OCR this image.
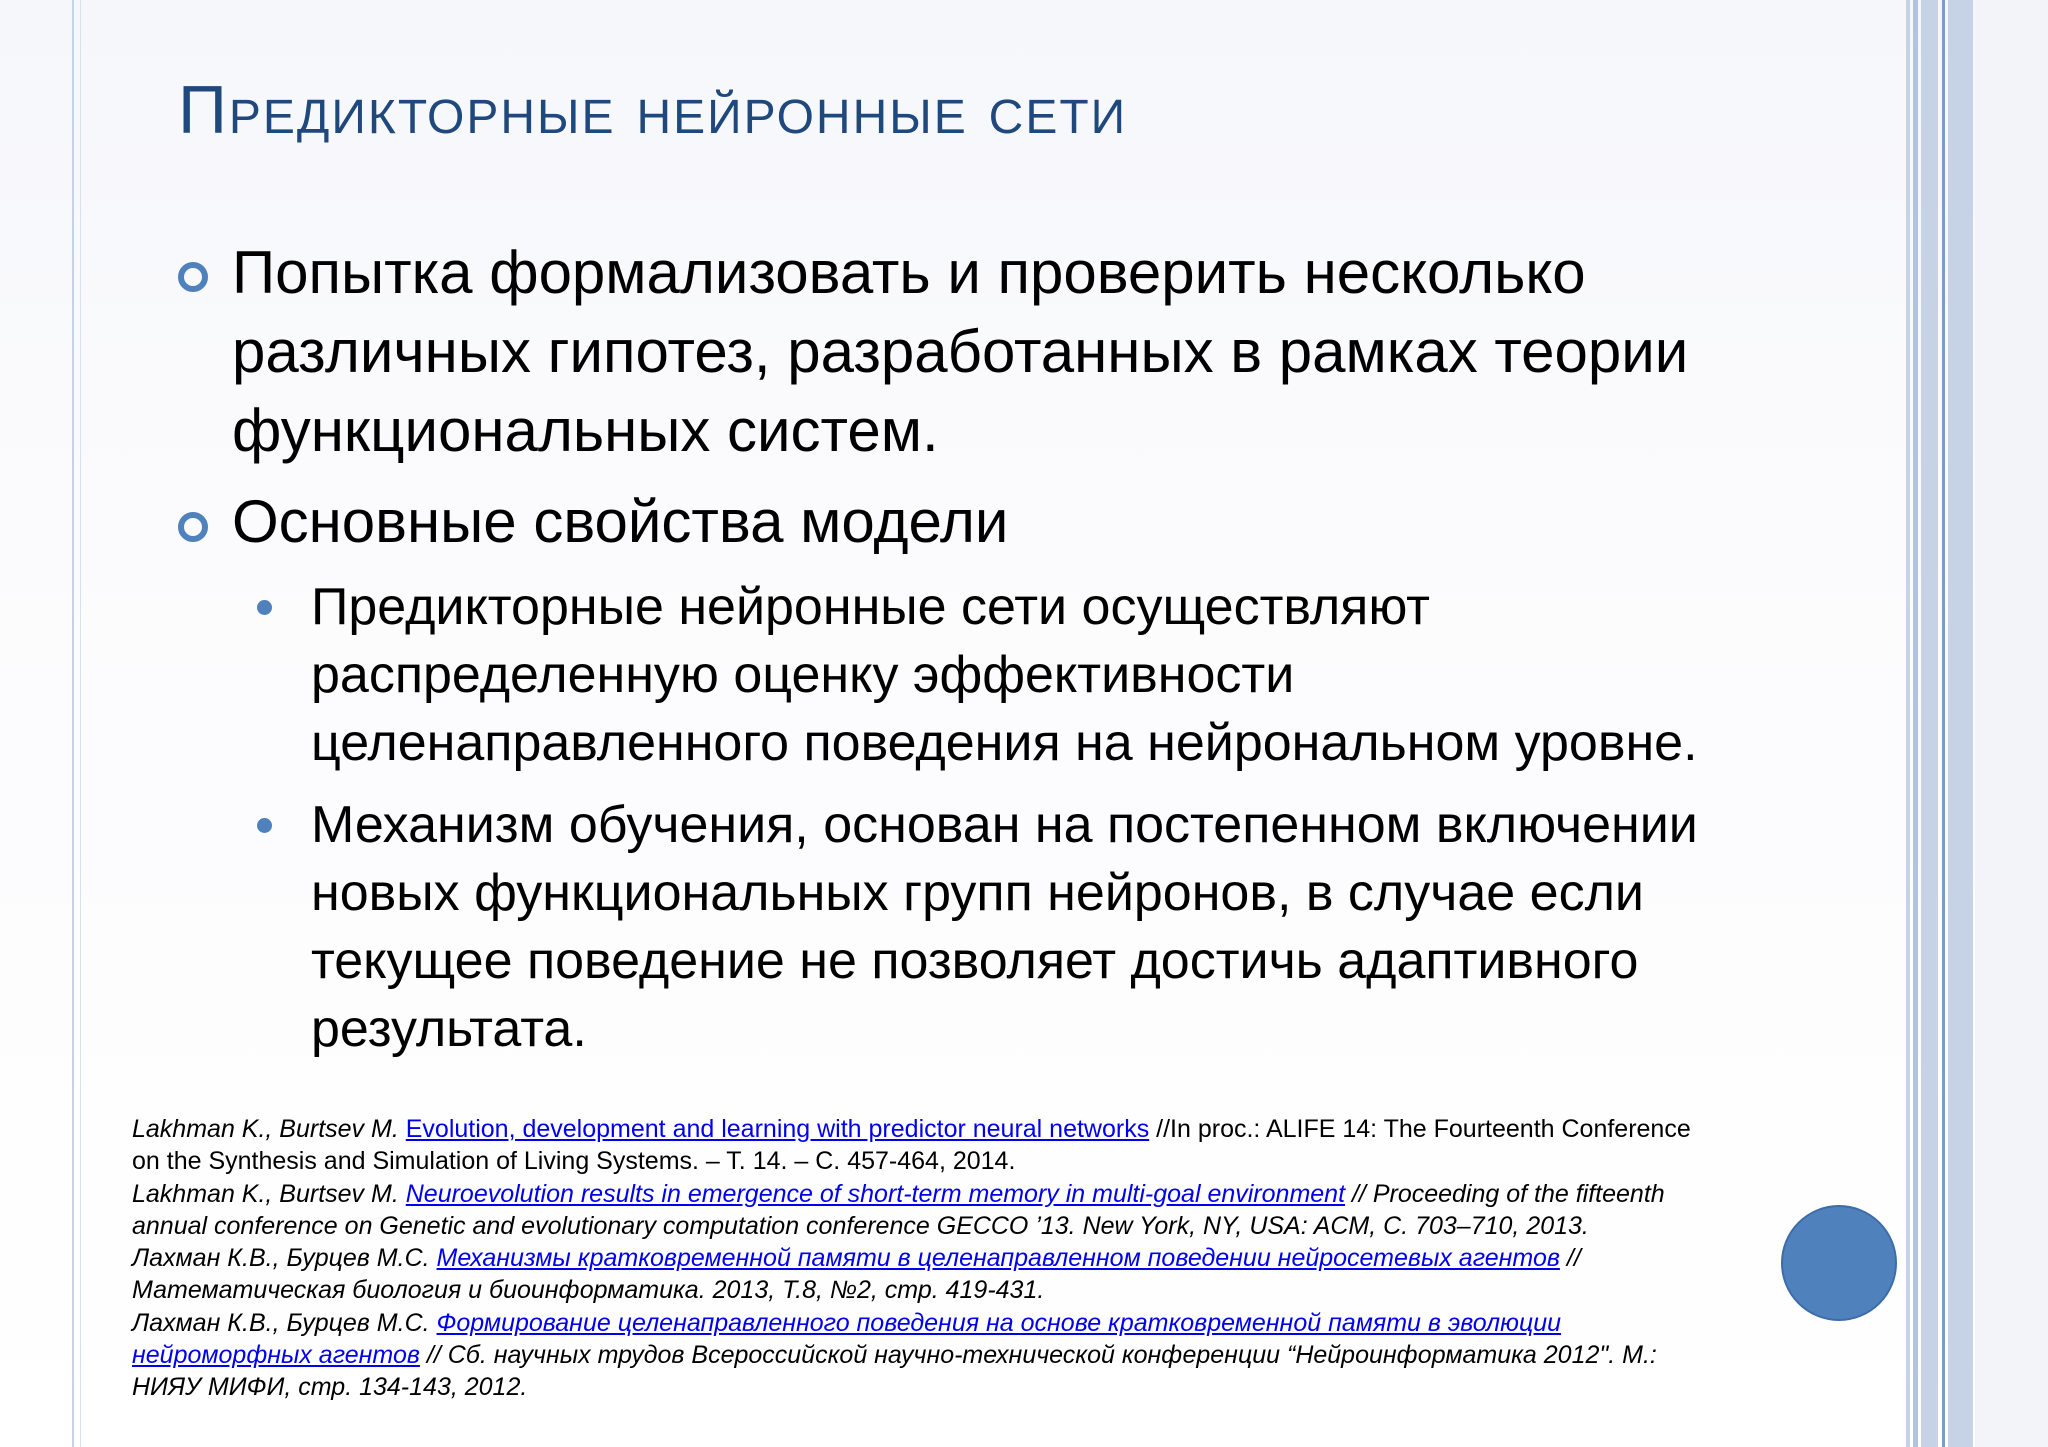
Предикторные нейронные сети
Попытка формализовать и проверить несколько
различных гипотез, разработанных в рамках теории
функциональных систем.
Основные свойства модели
Предикторные нейронные сети осуществляют
распределенную оценку эффективности
целенаправленного поведения на нейрональном уровне.
Механизм обучения, основан на постепенном включении
новых функциональных групп нейронов, в случае если
текущее поведение не позволяет достичь адаптивного
результата.
Lakhman K., Burtsev M. Evolution, development and learning with predictor neural networks //In proc.: ALIFE 14: The Fourteenth Conference
on the Synthesis and Simulation of Living Systems. – T. 14. – C. 457-464, 2014.
Lakhman K., Burtsev M. Neuroevolution results in emergence of short-term memory in multi-goal environment // Proceeding of the fifteenth
annual conference on Genetic and evolutionary computation conference GECCO ’13. New York, NY, USA: ACM, C. 703–710, 2013.
Лахман К.В., Бурцев М.С. Механизмы кратковременной памяти в целенаправленном поведении нейросетевых агентов //
Математическая биология и биоинформатика. 2013, Т.8, №2, стр. 419-431.
Лахман К.В., Бурцев М.С. Формирование целенаправленного поведения на основе кратковременной памяти в эволюции
нейроморфных агентов // Сб. научных трудов Всероссийской научно-технической конференции “Нейроинформатика 2012". М.:
НИЯУ МИФИ, стр. 134-143, 2012.
